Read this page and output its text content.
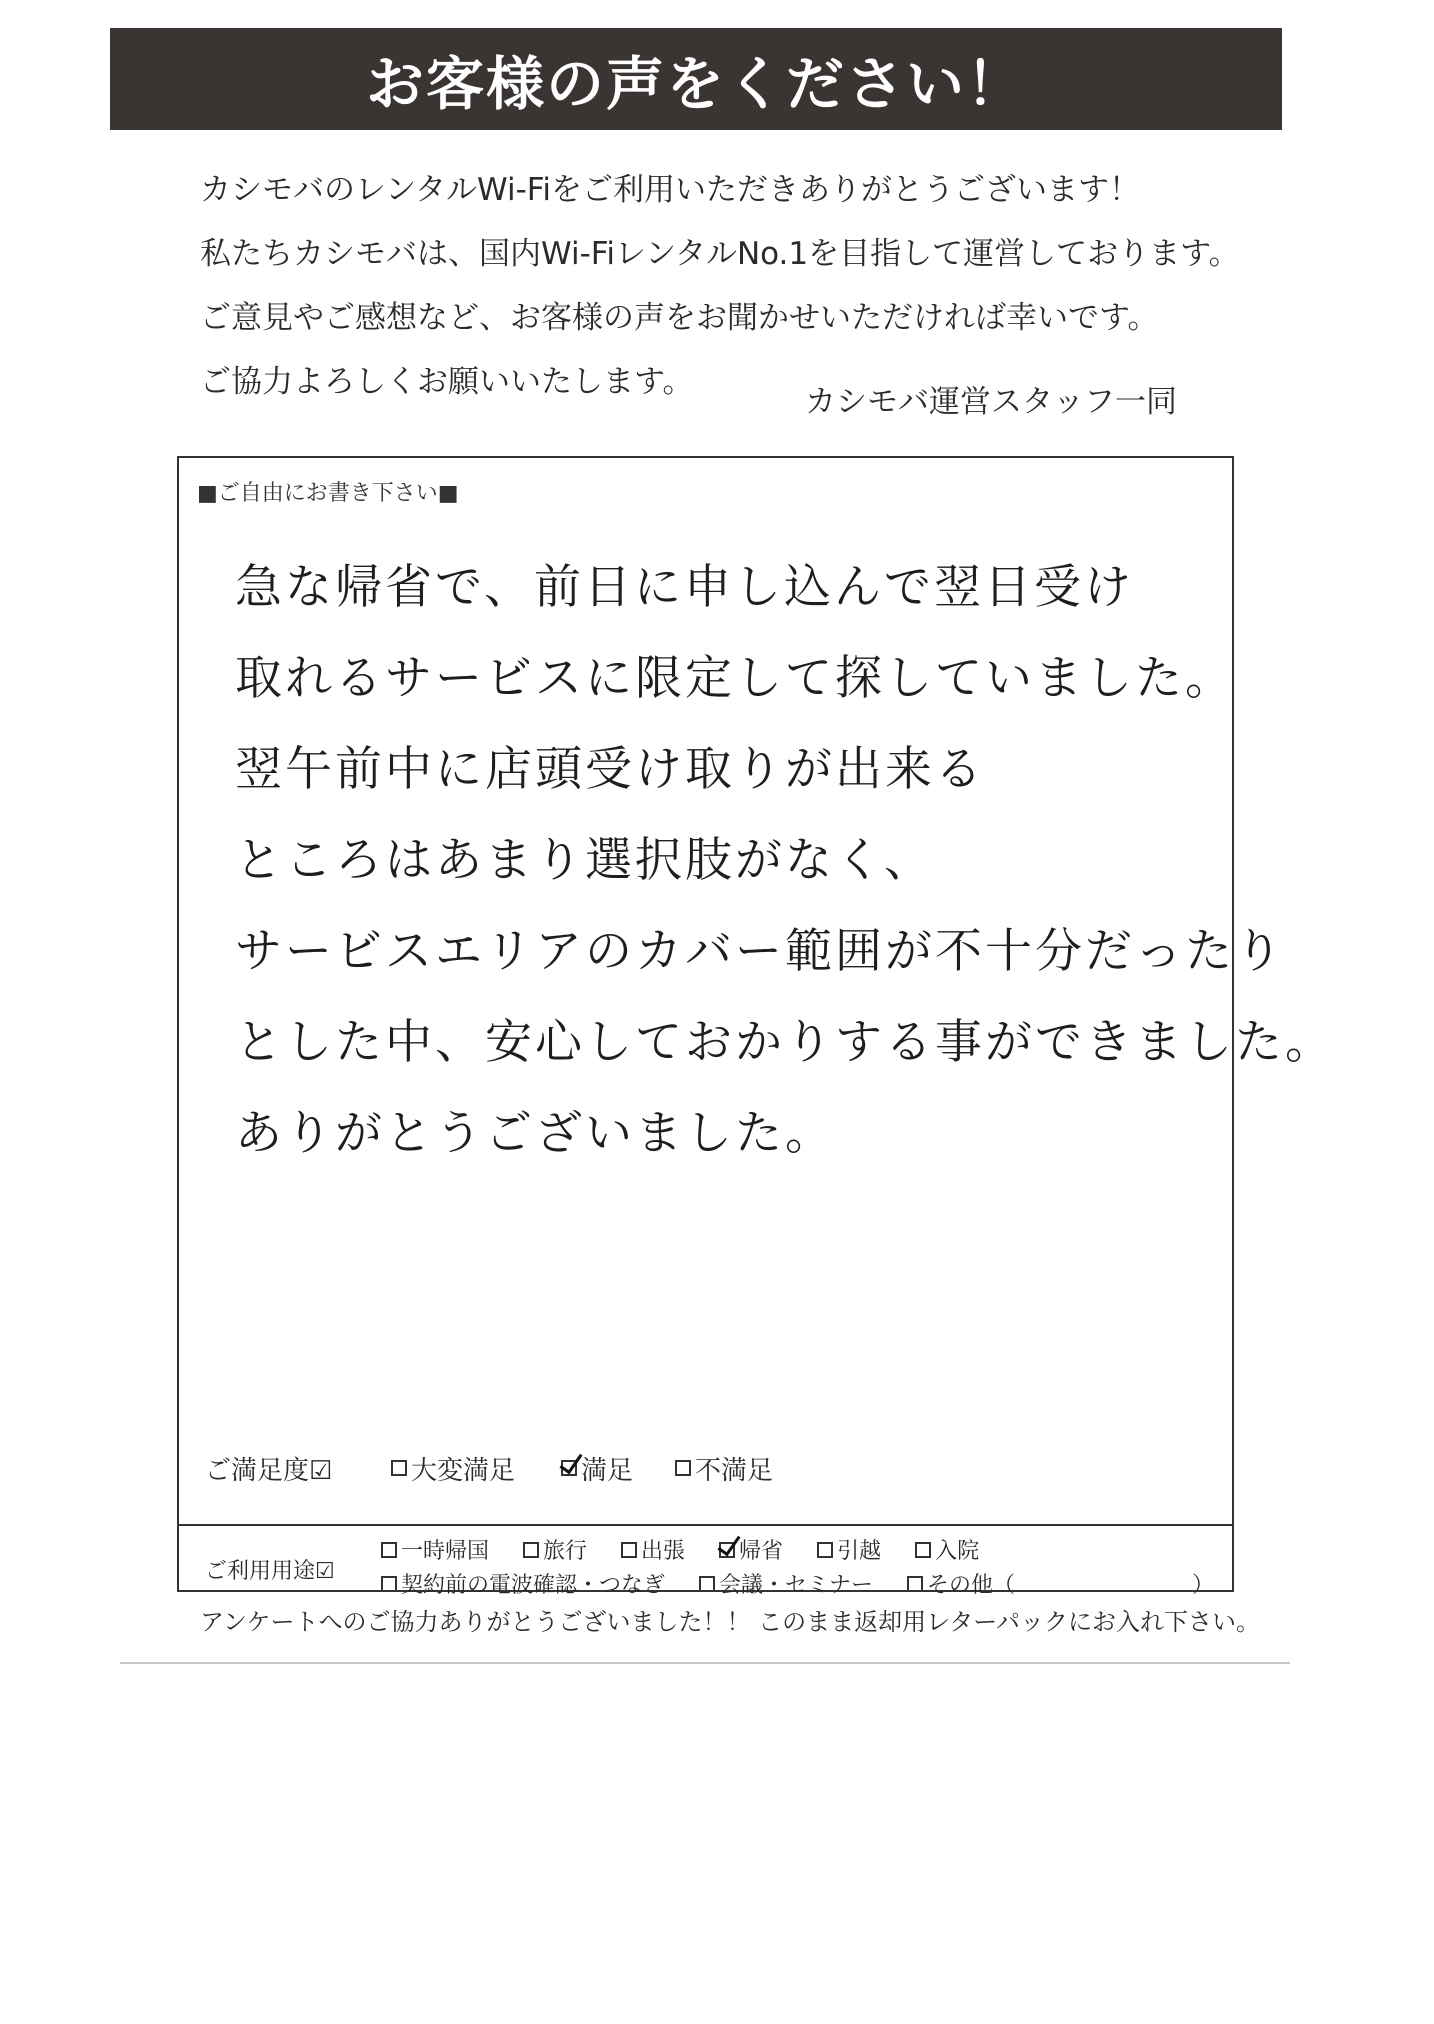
お客様の声をください！
カシモバのレンタルWi-Fiをご利用いただきありがとうございます！
私たちカシモバは、国内Wi-FiレンタルNo.1を目指して運営しております。
ご意見やご感想など、お客様の声をお聞かせいただければ幸いです。
ご協力よろしくお願いいたします。
カシモバ運営スタッフ一同
■ご自由にお書き下さい■
急な帰省で、前日に申し込んで翌日受け
取れるサービスに限定して探していました。
翌午前中に店頭受け取りが出来る
ところはあまり選択肢がなく、
サービスエリアのカバー範囲が不十分だったり
とした中、安心しておかりする事ができました。
ありがとうございました。
ご満足度☑	大変満足	満足 不満足
ご利用用途☑
一時帰国 旅行 出張 帰省 引越 入院
契約前の電波確認・つなぎ 会議・セミナー その他（	）
アンケートへのご協力ありがとうございました！！ このまま返却用レターパックにお入れ下さい。
